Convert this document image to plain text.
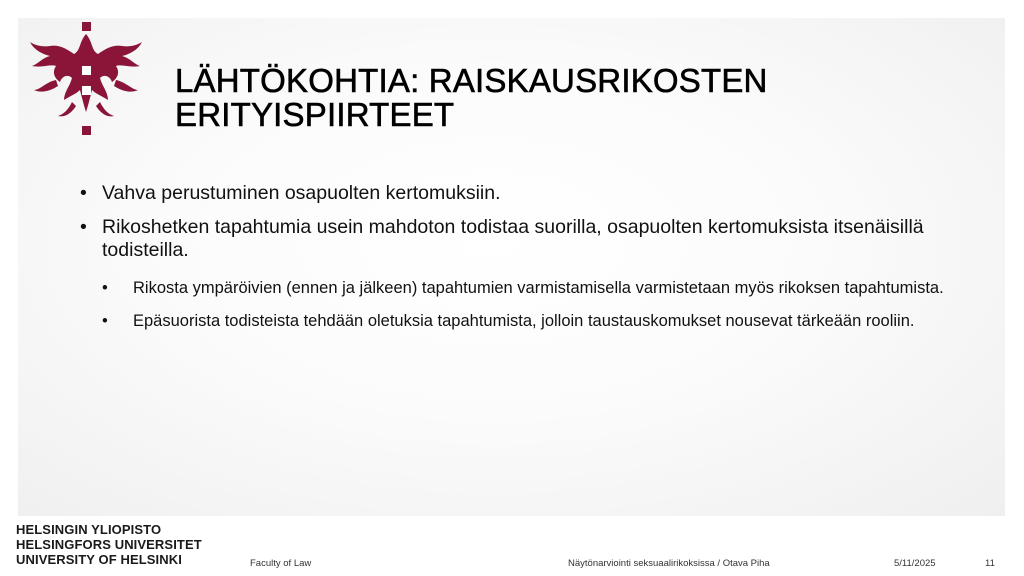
LÄHTÖKOHTIA: RAISKAUSRIKOSTEN
ERITYISPIIRTEET
• Vahva perustuminen osapuolten kertomuksiin.
• Rikoshetken tapahtumia usein mahdoton todistaa suorilla, osapuolten kertomuksista itsenäisillä todisteilla.
• Rikosta ympäröivien (ennen ja jälkeen) tapahtumien varmistamisella varmistetaan myös rikoksen tapahtumista.
• Epäsuorista todisteista tehdään oletuksia tapahtumista, jolloin taustauskomukset nousevat tärkeään rooliin.
HELSINGIN YLIOPISTO
HELSINGFORS UNIVERSITET
UNIVERSITY OF HELSINKI	Faculty of Law	Näytönarviointi seksuaalirikoksissa / Otava Piha	5/11/2025	11
